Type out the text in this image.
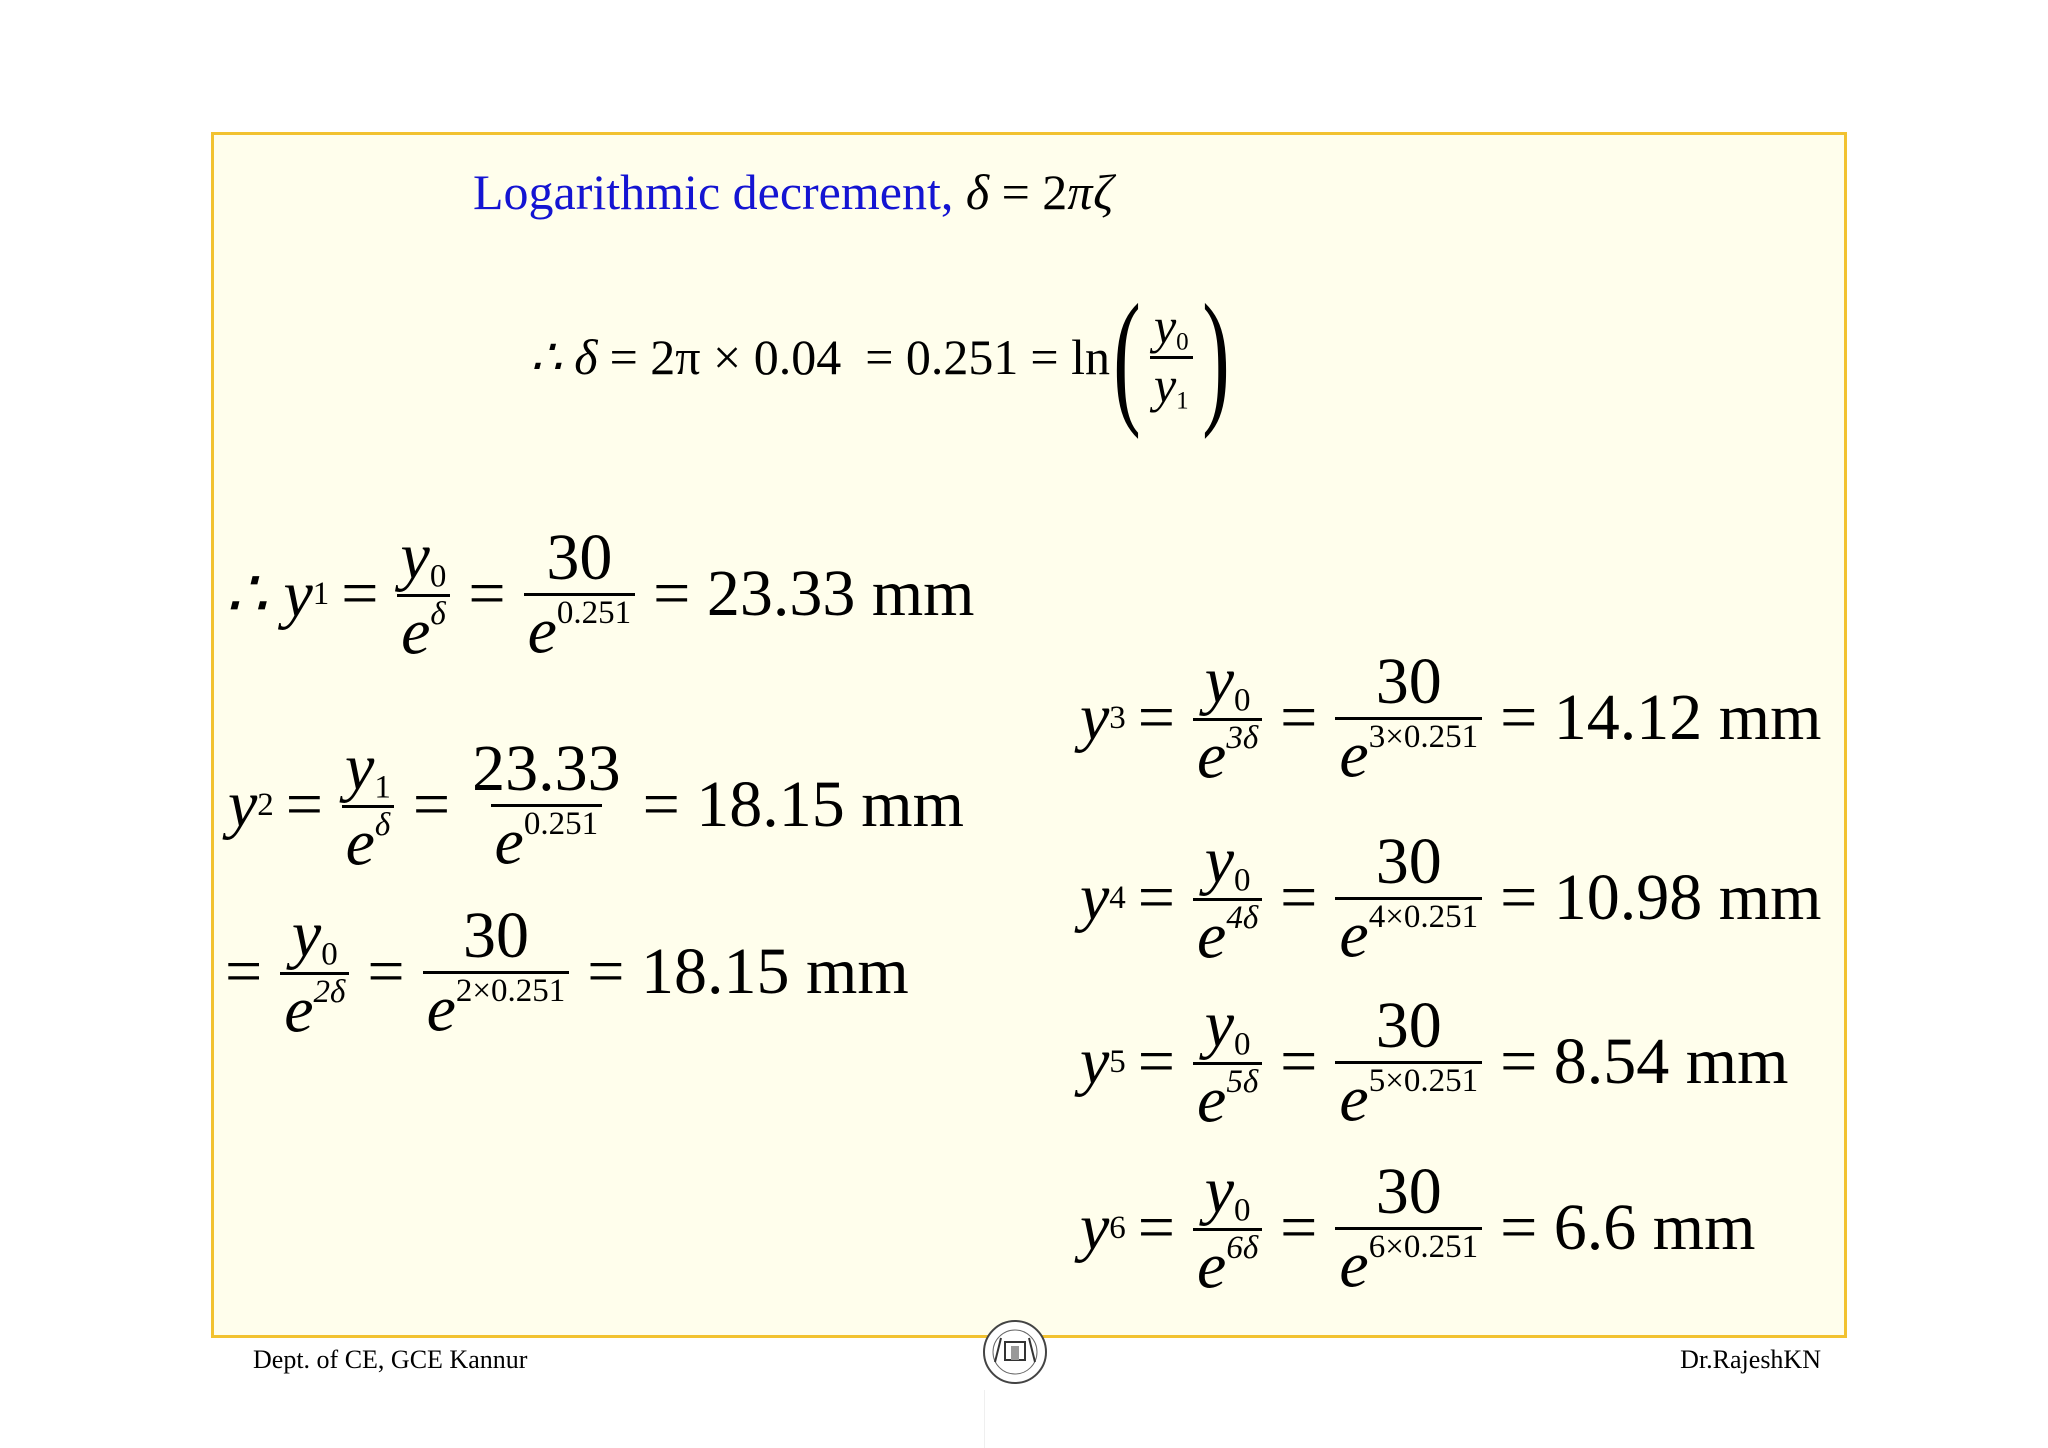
Logarithmic decrement, δ = 2πζ
∴ δ = 2π × 0.04 = 0.251 = ln ( $\frac{y_0}{y_1}$ )
∴ y $1 = \frac{y_0}{e^\delta} = \frac{30}{e^{0.251}} = 23.33$ mm
y $2 = \frac{y_1}{e^\delta} = \frac{23.33}{e^{0.251}} = 18.15$ mm
= $\frac{y_0}{e^{2\delta}} = \frac{30}{e^{2\times 0.251}} = 18.15$ mm
y $3 = \frac{y_0}{e^{3\delta}} = \frac{30}{e^{3\times 0.251}} = 14.12$ mm
y $4 = \frac{y_0}{e^{4\delta}} = \frac{30}{e^{4\times 0.251}} = 10.98$ mm
y $5 = \frac{y_0}{e^{5\delta}} = \frac{30}{e^{5\times 0.251}} = 8.54$ mm
y $6 = \frac{y_0}{e^{6\delta}} = \frac{30}{e^{6\times 0.251}} = 6.6$ mm
Dept. of CE, GCE Kannur	Dr.RajeshKN
